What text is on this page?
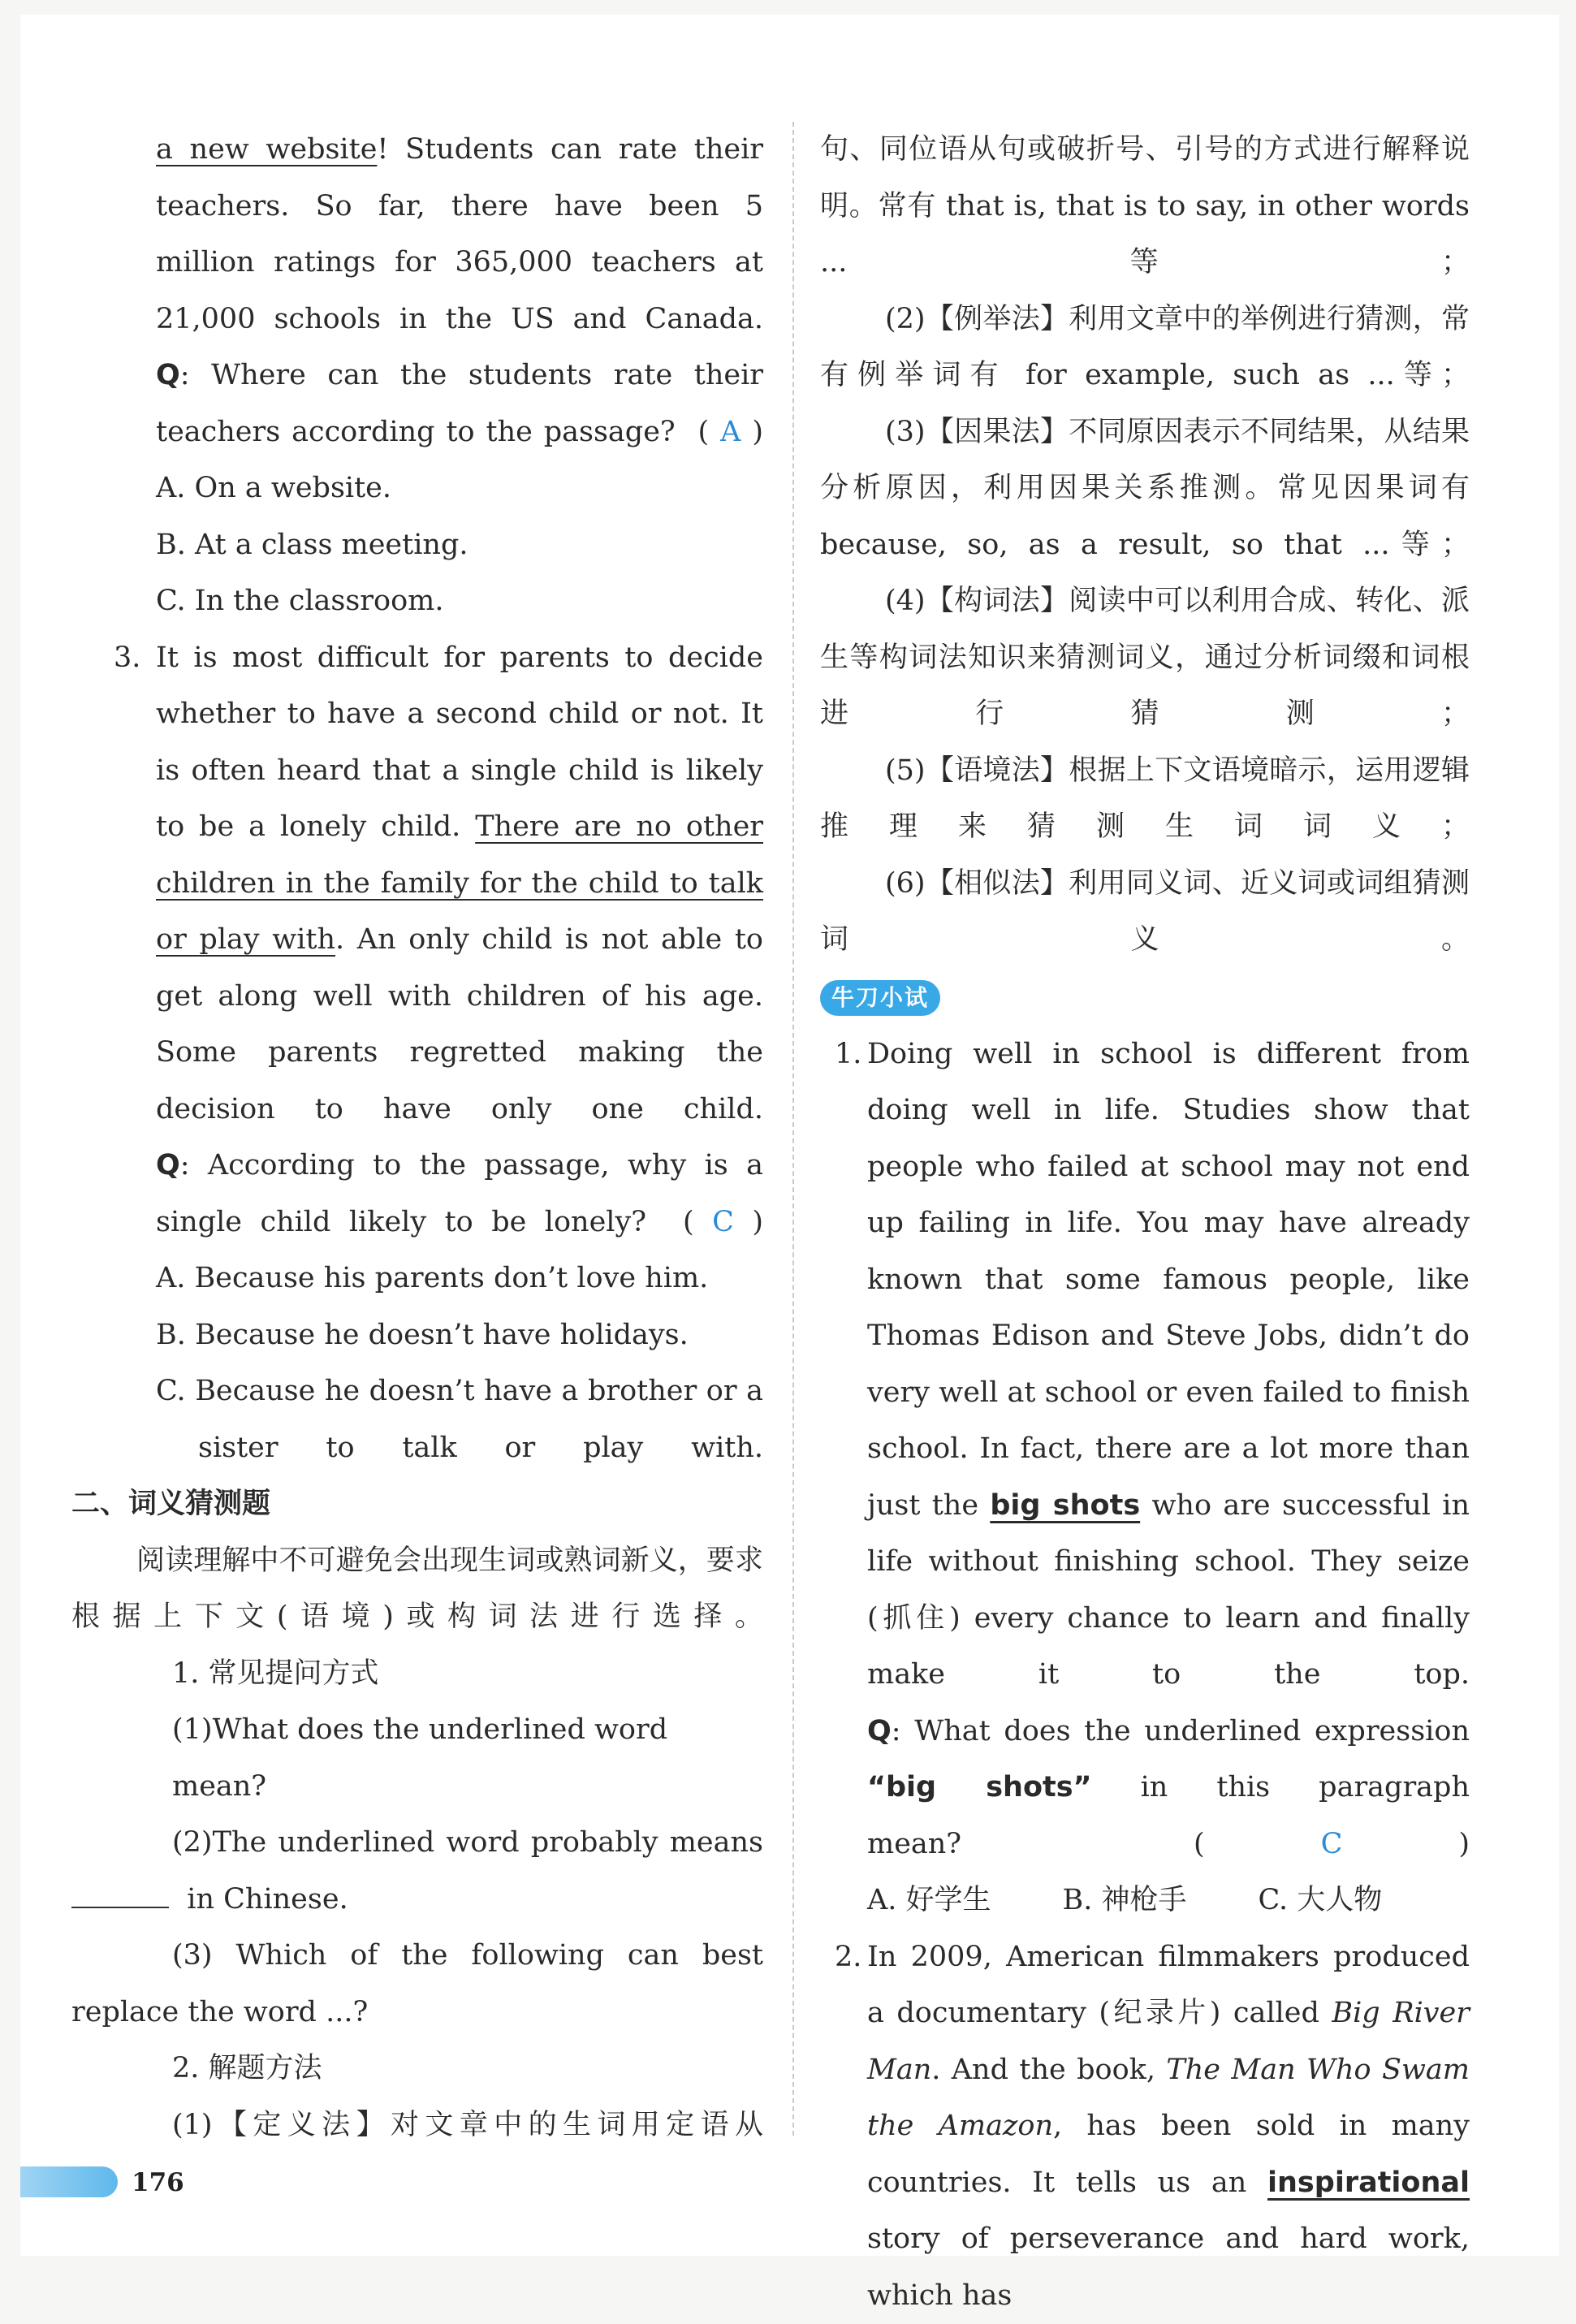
a new website! Students can rate their teachers. So far, there have been 5 million ratings for 365,000 teachers at 21,000 schools in the US and Canada.

Q: Where can the students rate their teachers according to the passage? ( A )

A. On a website.

B. At a class meeting.

C. In the classroom.

3. It is most difficult for parents to decide whether to have a second child or not. It is often heard that a single child is likely to be a lonely child. There are no other children in the family for the child to talk or play with. An only child is not able to get along well with children of his age. Some parents regretted making the decision to have only one child.

Q: According to the passage, why is a single child likely to be lonely? ( C )

A. Because his parents don’t love him.

B. Because he doesn’t have holidays.

C. Because he doesn’t have a brother or a sister to talk or play with.

二、词义猜测题

阅读理解中不可避免会出现生词或熟词新义，要求根据上下文(语境)或构词法进行选择。

1. 常见提问方式

(1)What does the underlined word mean?

(2)The underlined word probably means

in Chinese.

(3) Which of the following can best

replace the word ...?

2. 解题方法

(1)【定义法】对文章中的生词用定语从

句、同位语从句或破折号、引号的方式进行解释说明。常有 that is, that is to say, in other words ...等；

(2)【例举法】利用文章中的举例进行猜测，常有例举词有 for example, such as ...等；

(3)【因果法】不同原因表示不同结果，从结果分析原因，利用因果关系推测。常见因果词有 because, so, as a result, so that ...等；

(4)【构词法】阅读中可以利用合成、转化、派生等构词法知识来猜测词义，通过分析词缀和词根进行猜测；

(5)【语境法】根据上下文语境暗示，运用逻辑推理来猜测生词词义；

(6)【相似法】利用同义词、近义词或词组猜测词义。

牛刀小试

1. Doing well in school is different from doing well in life. Studies show that people who failed at school may not end up failing in life. You may have already known that some famous people, like Thomas Edison and Steve Jobs, didn’t do very well at school or even failed to finish school. In fact, there are a lot more than just the big shots who are successful in life without finishing school. They seize (抓住) every chance to learn and finally make it to the top.

Q: What does the underlined expression “big shots” in this paragraph mean?	(	C	)

A. 好学生	B. 神枪手	C. 大人物

2. In 2009, American filmmakers produced a documentary (纪录片) called Big River Man. And the book, The Man Who Swam the Amazon, has been sold in many countries. It tells us an inspirational story of perseverance and hard work, which has

176
